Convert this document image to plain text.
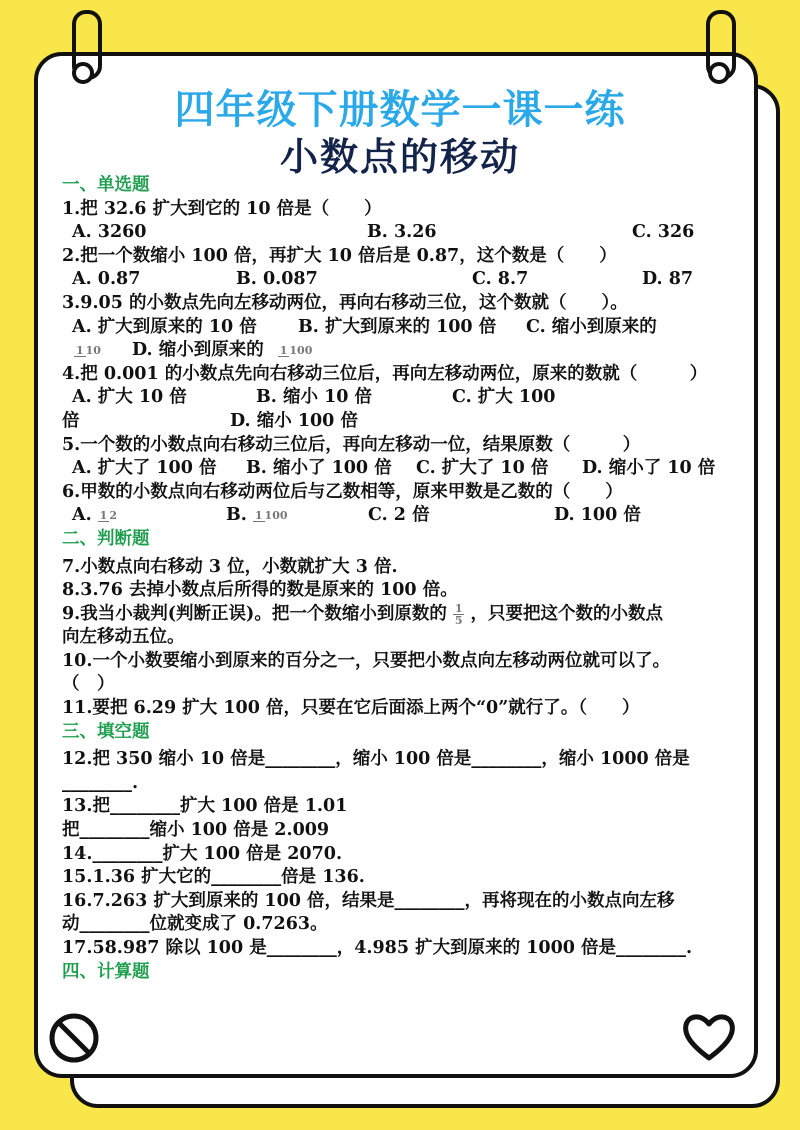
四年级下册数学一课一练
小数点的移动
一、单选题
1.把 32.6 扩大到它的 10 倍是（　　）
A. 3260	B. 3.26	C. 326
2.把一个数缩小 100 倍，再扩大 10 倍后是 0.87，这个数是（　　）
A. 0.87	B. 0.087	C. 8.7	D. 87
3.9.05 的小数点先向左移动两位，再向右移动三位，这个数就（　　）。
A. 扩大到原来的 10 倍	B. 扩大到原来的 100 倍	C. 缩小到原来的
1 10	D. 缩小到原来的	1 100
4.把 0.001 的小数点先向右移动三位后，再向左移动两位，原来的数就（　　　）
A. 扩大 10 倍	B. 缩小 10 倍	C. 扩大 100
倍	D. 缩小 100 倍
5.一个数的小数点向右移动三位后，再向左移动一位，结果原数（　　　）
A. 扩大了 100 倍	B. 缩小了 100 倍	C. 扩大了 10 倍	D. 缩小了 10 倍
6.甲数的小数点向右移动两位后与乙数相等，原来甲数是乙数的（　　）
A. 1 2	B. 1 100	C. 2 倍	D. 100 倍
二、判断题
7.小数点向右移动 3 位，小数就扩大 3 倍.
8.3.76 去掉小数点后所得的数是原来的 100 倍。
9.我当小裁判(判断正误)。把一个数缩小到原数的 $\frac{1}{5}$ ，只要把这个数的小数点
向左移动五位。
10.一个小数要缩小到原来的百分之一，只要把小数点向左移动两位就可以了。
（　）
11.要把 6.29 扩大 100 倍，只要在它后面添上两个“0”就行了。（　　）
三、填空题
12.把 350 缩小 10 倍是________，缩小 100 倍是________，缩小 1000 倍是
________.
13.把________扩大 100 倍是 1.01
把________缩小 100 倍是 2.009
14.________扩大 100 倍是 2070.
15.1.36 扩大它的________倍是 136.
16.7.263 扩大到原来的 100 倍，结果是________，再将现在的小数点向左移
动________位就变成了 0.7263。
17.58.987 除以 100 是________，4.985 扩大到原来的 1000 倍是________.
四、计算题
